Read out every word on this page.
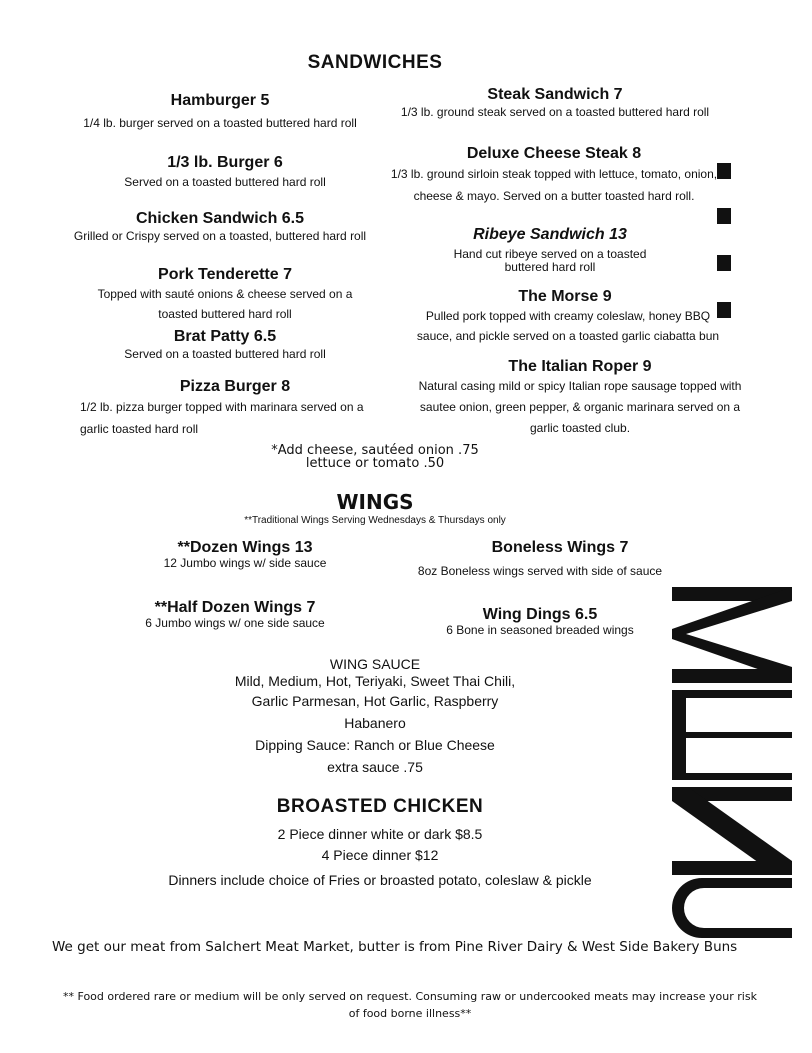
SANDWICHES
Hamburger 5
1/4 lb. burger served on a toasted buttered hard roll
1/3 lb. Burger 6
Served on a toasted buttered hard roll
Chicken Sandwich 6.5
Grilled or Crispy served on a toasted, buttered hard roll
Pork Tenderette 7
Topped with sauté onions & cheese served on a toasted buttered hard roll
Brat Patty 6.5
Served on a toasted buttered hard roll
Pizza Burger 8
1/2 lb. pizza burger topped with marinara served on a garlic toasted hard roll
Steak Sandwich 7
1/3 lb. ground steak served on a toasted buttered hard roll
Deluxe Cheese Steak 8
1/3 lb. ground sirloin steak topped with lettuce, tomato, onion, cheese & mayo. Served on a butter toasted hard roll.
Ribeye Sandwich 13
Hand cut ribeye served on a toasted buttered hard roll
The Morse 9
Pulled pork topped with creamy coleslaw, honey BBQ sauce, and pickle served on a toasted garlic ciabatta bun
The Italian Roper 9
Natural casing mild or spicy Italian rope sausage topped with sautee onion, green pepper, & organic marinara served on a garlic toasted club.
*Add cheese, sautéed onion .75
lettuce or tomato .50
WINGS
**Traditional Wings Serving Wednesdays & Thursdays only
**Dozen Wings 13
12 Jumbo wings w/ side sauce
Boneless Wings 7
8oz Boneless wings served with side of sauce
**Half Dozen Wings 7
6 Jumbo wings w/ one side sauce	Wing Dings 6.5
6 Bone in seasoned breaded wings
WING SAUCE
Mild, Medium, Hot, Teriyaki, Sweet Thai Chili,
Garlic Parmesan, Hot Garlic, Raspberry Habanero
Dipping Sauce: Ranch or Blue Cheese
extra sauce .75
BROASTED CHICKEN
2 Piece dinner white or dark $8.5
4 Piece dinner $12
Dinners include choice of Fries or broasted potato, coleslaw & pickle
We get our meat from Salchert Meat Market, butter is from Pine River Dairy & West Side Bakery Buns
** Food ordered rare or medium will be only served on request. Consuming raw or undercooked meats may increase your risk
of food borne illness**
